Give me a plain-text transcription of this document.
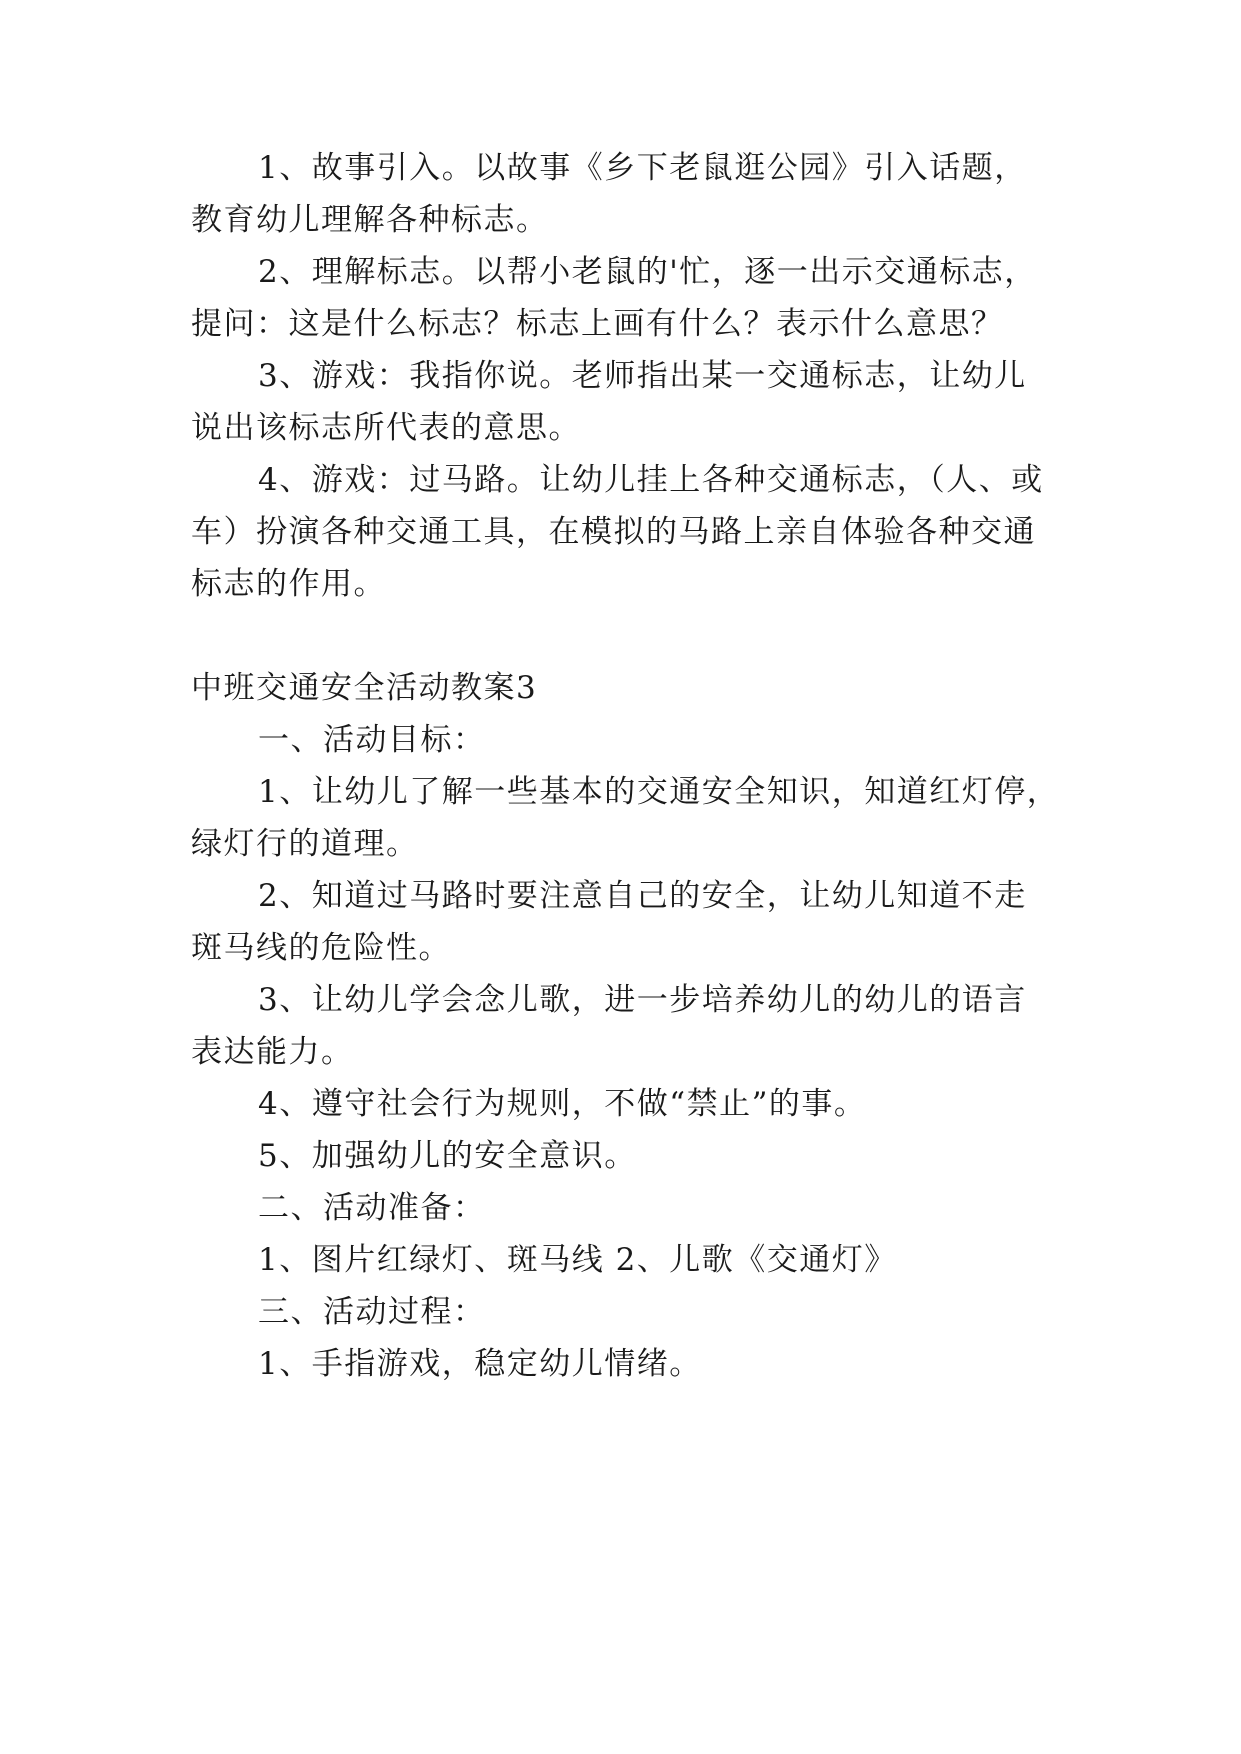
1、故事引入。以故事《乡下老鼠逛公园》引入话题，
教育幼儿理解各种标志。
2、理解标志。以帮小老鼠的'忙，逐一出示交通标志，
提问：这是什么标志？标志上画有什么？表示什么意思？
3、游戏：我指你说。老师指出某一交通标志，让幼儿
说出该标志所代表的意思。
4、游戏：过马路。让幼儿挂上各种交通标志，（人、或
车）扮演各种交通工具，在模拟的马路上亲自体验各种交通
标志的作用。
中班交通安全活动教案3
一、活动目标：
1、让幼儿了解一些基本的交通安全知识，知道红灯停，
绿灯行的道理。
2、知道过马路时要注意自己的安全，让幼儿知道不走
斑马线的危险性。
3、让幼儿学会念儿歌，进一步培养幼儿的幼儿的语言
表达能力。
4、遵守社会行为规则，不做“禁止”的事。
5、加强幼儿的安全意识。
二、活动准备：
1、图片红绿灯、斑马线 2、儿歌《交通灯》
三、活动过程：
1、手指游戏，稳定幼儿情绪。
